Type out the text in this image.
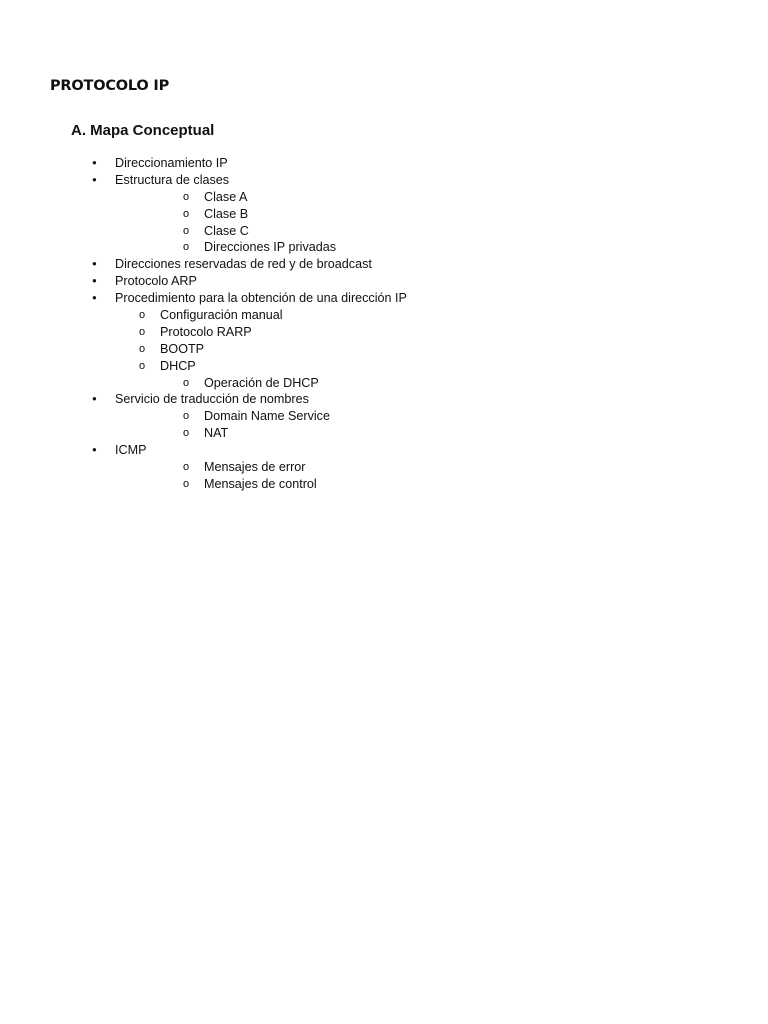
PROTOCOLO IP
A. Mapa Conceptual
● Direccionamiento IP
● Estructura de clases
o Clase A
o Clase B
o Clase C
o Direcciones IP privadas
● Direcciones reservadas de red y de broadcast
● Protocolo ARP
● Procedimiento para la obtención de una dirección IP
o Configuración manual
o Protocolo RARP
o BOOTP
o DHCP
o Operación de DHCP
● Servicio de traducción de nombres
o Domain Name Service
o NAT
● ICMP
o Mensajes de error
o Mensajes de control
